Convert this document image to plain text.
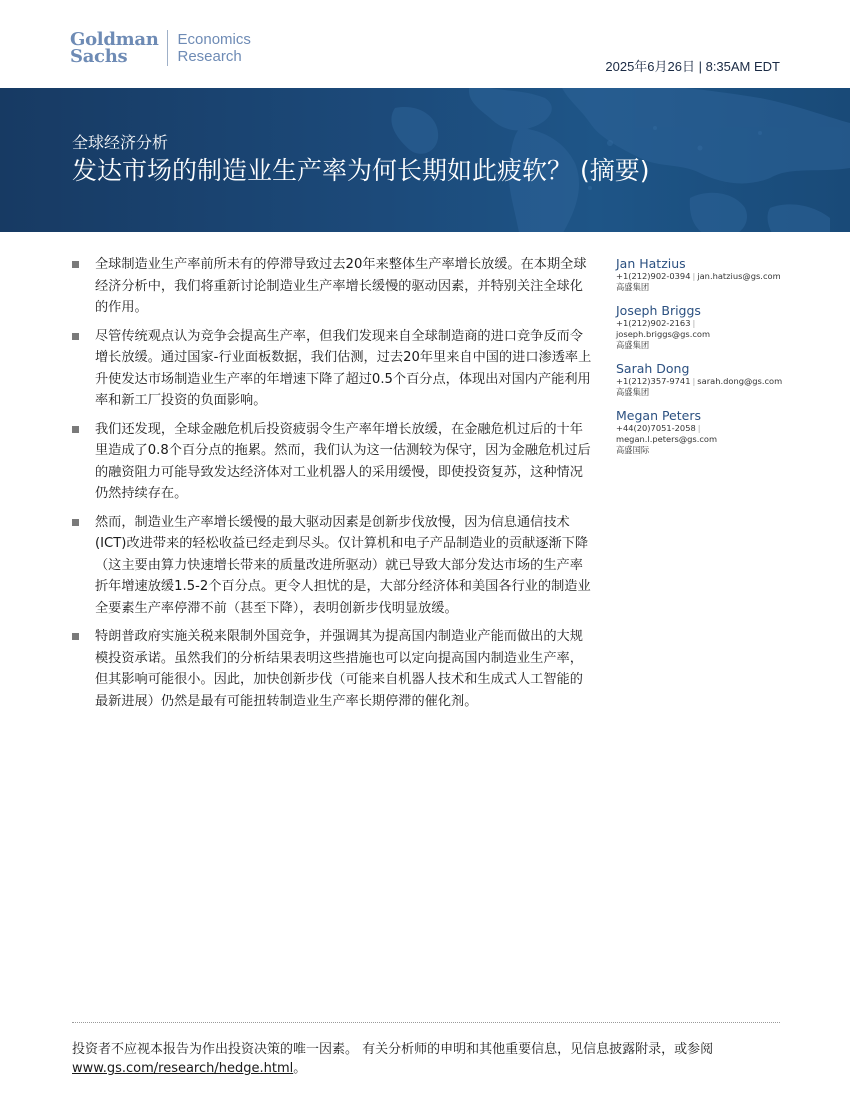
Goldman
Sachs
Economics
Research
2025年6月26日 | 8:35AM EDT
全球经济分析
发达市场的制造业生产率为何长期如此疲软？ (摘要)
全球制造业生产率前所未有的停滞导致过去20年来整体生产率增长放缓。在本期全球经济分析中，我们将重新讨论制造业生产率增长缓慢的驱动因素，并特别关注全球化的作用。
尽管传统观点认为竞争会提高生产率，但我们发现来自全球制造商的进口竞争反而令增长放缓。通过国家-行业面板数据，我们估测，过去20年里来自中国的进口渗透率上升使发达市场制造业生产率的年增速下降了超过0.5个百分点，体现出对国内产能利用率和新工厂投资的负面影响。
我们还发现，全球金融危机后投资疲弱令生产率年增长放缓，在金融危机过后的十年里造成了0.8个百分点的拖累。然而，我们认为这一估测较为保守，因为金融危机过后的融资阻力可能导致发达经济体对工业机器人的采用缓慢，即使投资复苏，这种情况仍然持续存在。
然而，制造业生产率增长缓慢的最大驱动因素是创新步伐放慢，因为信息通信技术(ICT)改进带来的轻松收益已经走到尽头。仅计算机和电子产品制造业的贡献逐渐下降（这主要由算力快速增长带来的质量改进所驱动）就已导致大部分发达市场的生产率折年增速放缓1.5-2个百分点。更令人担忧的是，大部分经济体和美国各行业的制造业全要素生产率停滞不前（甚至下降），表明创新步伐明显放缓。
特朗普政府实施关税来限制外国竞争，并强调其为提高国内制造业产能而做出的大规模投资承诺。虽然我们的分析结果表明这些措施也可以定向提高国内制造业生产率，但其影响可能很小。因此，加快创新步伐（可能来自机器人技术和生成式人工智能的最新进展）仍然是最有可能扭转制造业生产率长期停滞的催化剂。
Jan Hatzius
+1(212)902-0394 | jan.hatzius@gs.com
高盛集团
Joseph Briggs
+1(212)902-2163 |
joseph.briggs@gs.com
高盛集团
Sarah Dong
+1(212)357-9741 | sarah.dong@gs.com
高盛集团
Megan Peters
+44(20)7051-2058 |
megan.l.peters@gs.com
高盛国际
投资者不应视本报告为作出投资决策的唯一因素。 有关分析师的申明和其他重要信息，见信息披露附录，或参阅
www.gs.com/research/hedge.html。
